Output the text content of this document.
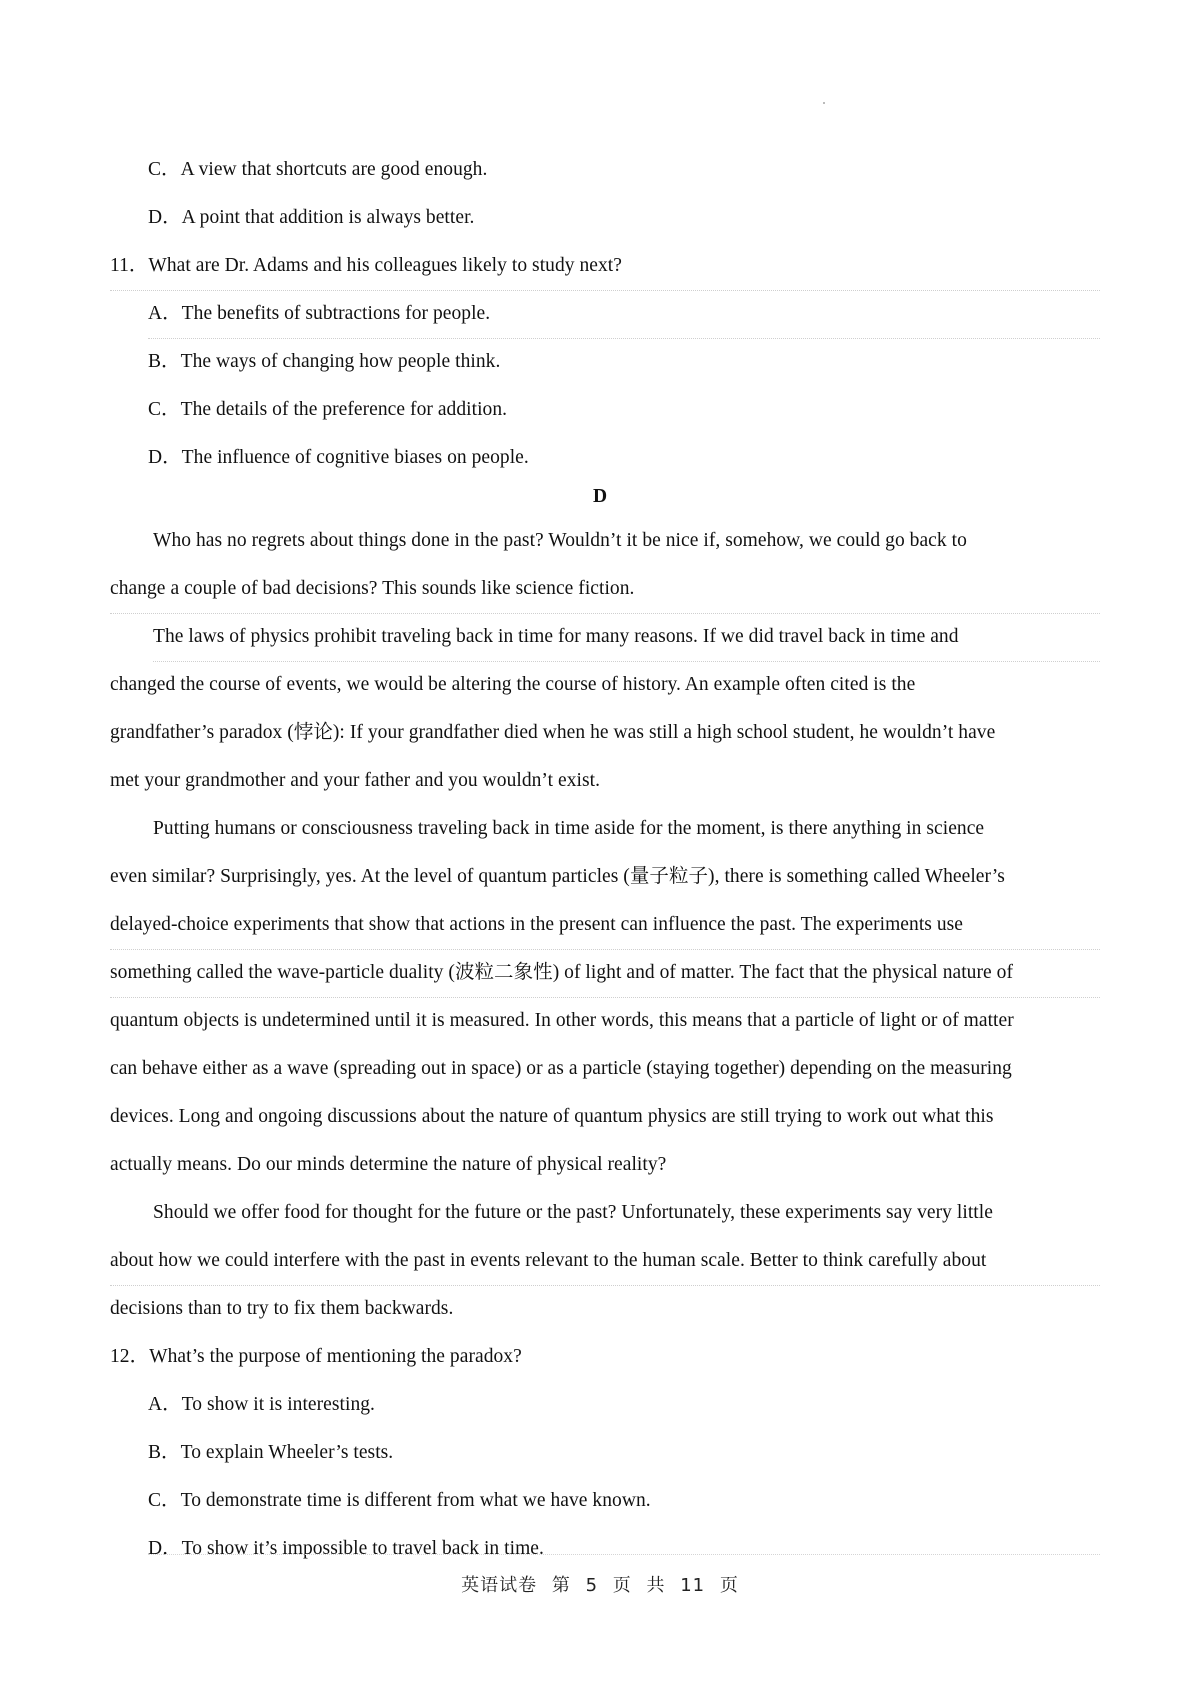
C．A view that shortcuts are good enough.
D．A point that addition is always better.
11．What are Dr. Adams and his colleagues likely to study next?
A．The benefits of subtractions for people.
B．The ways of changing how people think.
C．The details of the preference for addition.
D．The influence of cognitive biases on people.
D
Who has no regrets about things done in the past? Wouldn’t it be nice if, somehow, we could go back to
change a couple of bad decisions? This sounds like science fiction.
The laws of physics prohibit traveling back in time for many reasons. If we did travel back in time and
changed the course of events, we would be altering the course of history. An example often cited is the
grandfather’s paradox (悖论): If your grandfather died when he was still a high school student, he wouldn’t have
met your grandmother and your father and you wouldn’t exist.
Putting humans or consciousness traveling back in time aside for the moment, is there anything in science
even similar? Surprisingly, yes. At the level of quantum particles (量子粒子), there is something called Wheeler’s
delayed-choice experiments that show that actions in the present can influence the past. The experiments use
something called the wave-particle duality (波粒二象性) of light and of matter. The fact that the physical nature of
quantum objects is undetermined until it is measured. In other words, this means that a particle of light or of matter
can behave either as a wave (spreading out in space) or as a particle (staying together) depending on the measuring
devices. Long and ongoing discussions about the nature of quantum physics are still trying to work out what this
actually means. Do our minds determine the nature of physical reality?
Should we offer food for thought for the future or the past? Unfortunately, these experiments say very little
about how we could interfere with the past in events relevant to the human scale. Better to think carefully about
decisions than to try to fix them backwards.
12．What’s the purpose of mentioning the paradox?
A．To show it is interesting.
B．To explain Wheeler’s tests.
C．To demonstrate time is different from what we have known.
D．To show it’s impossible to travel back in time.
英语试卷 第 5 页 共 11 页
